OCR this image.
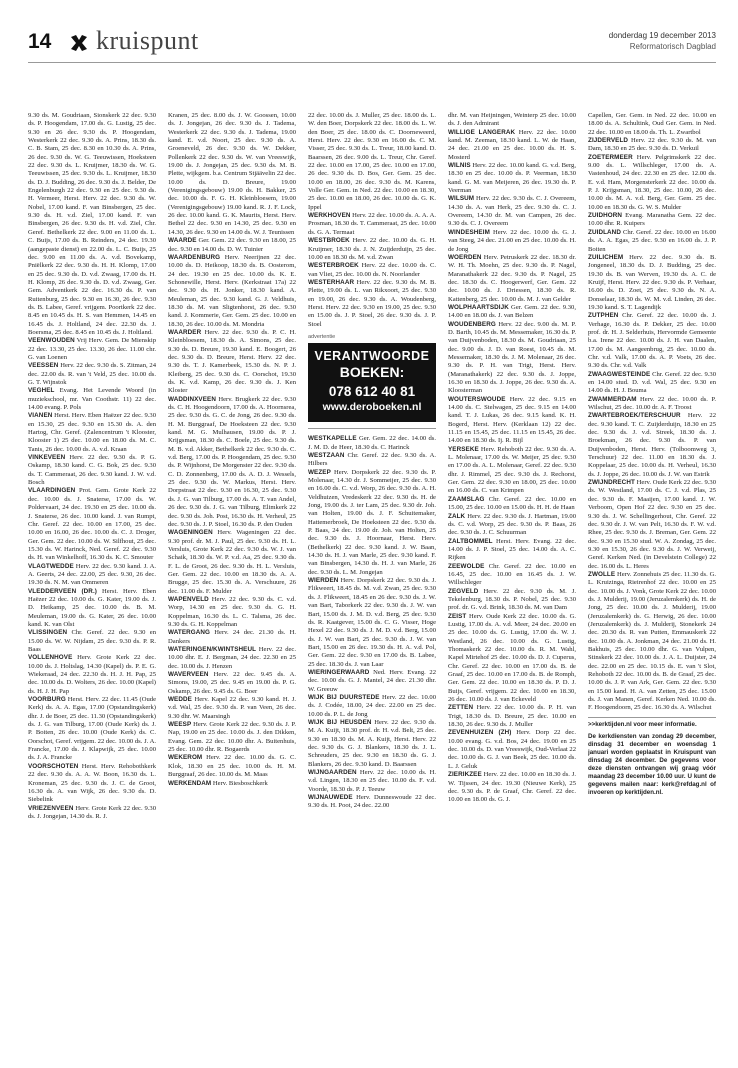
14 kruispunt	donderdag 19 december 2013
Reformatorisch Dagblad

9.30 ds. M. Goudriaan, Sionskerk 22 dec. 9.30 ds. P. Hoogendam, 17.00 ds. G. Lustig, 25 dec. 9.30 en 26 dec. 9.30 ds. P. Hoogendam, Westerkerk 22 dec. 9.30 ds. A. Prins, 18.30 ds. C. B. Stam, 25 dec. 8.30 en 10.30 ds. A. Prins, 26 dec. 9.30 ds. W. G. Teeuwissen, Hoeksteen 22 dec. 9.30 ds. L. Kruijmer, 18.30 ds. W. G. Teeuwissen, 25 dec. 9.30 ds. L. Kruijmer, 18.30 ds. D. J. Budding, 26 dec. 9.30 ds. J. Belder, De Engelenburgh 22 dec. 9.30 en 25 dec. 9.30 ds. H. Vermeer, Herst. Herv. 22 dec. 9.30 ds. W. Nobel, 17.00 kand. F. van Binsbergen, 25 dec. 9.30 ds. H. v.d. Ziel, 17.00 kand. F. van Binsbergen, 26 dec. 9.30 ds. H. v.d. Ziel, Chr. Geref. Bethelkerk 22 dec. 9.00 en 11.00 ds. L. C. Buijs, 17.00 ds. B. Reinders, 24 dec. 19.30 (aangepaste dienst) en 22.00 ds. L. C. Buijs, 25 dec. 9.00 en 11.00 ds. A. v.d. Bovekamp, Pniëlkerk 22 dec. 9.30 ds. H. H. Klomp, 17.00 en 25 dec. 9.30 ds. D. v.d. Zwaag, 17.00 ds. H. H. Klomp, 26 dec. 9.30 ds. D. v.d. Zwaag, Ger. Gem. Adventkerk 22 dec. 16.30 ds. P. van Ruitenburg, 25 dec. 9.30 en 16.30, 26 dec. 9.30 ds. B. Labee, Geref. vrijgem. Poortkerk 22 dec. 8.45 en 10.45 ds. H. S. van Hemmen, 14.45 en 16.45 ds. J. Holtland, 24 dec. 22.30 ds. J. Boersma, 25 dec. 8.45 en 10.45 ds. J. Holtland.

VEENWOUDEN Vrij Herv. Gem. De Mienskip 22 dec. 13.30, 25 dec. 13.30, 26 dec. 11.00 chr. G. van Loenen

VEESSEN Herv. 22 dec. 9.30 ds. S. Zitman, 24 dec. 22.00 ds. R. van 't Veld, 25 dec. 10.00 ds. G. T. Wijnstok

VEGHEL Evang. Het Levende Woord (in muziekschool, mr. Van Coothstr. 11) 22 dec. 14.00 evang. P. Pols

VIANEN Herst. Herv. Eben Haëzer 22 dec. 9.30 en 15.30, 25 dec. 9.30 en 15.30 ds. A. den Hartog, Chr. Geref. (Zalencentrum 't Klooster, Klooster 1) 25 dec. 10.00 en 18.00 ds. M. C. Tanis, 26 dec. 10.00 ds. A. v.d. Kraan

VINKEVEEN Herv. 22 dec. 9.30 ds. P. G. Oskamp, 18.30 kand. C. G. Bok, 25 dec. 9.30 ds. T. Cammeraat, 26 dec. 9.30 kand. J. W. v.d. Bosch

VLAARDINGEN Prot. Gem. Grote Kerk 22 dec. 10.00 ds. J. Snaterse, 17.00 ds. W. Poldervaart, 24 dec. 19.30 en 25 dec. 10.00 ds. J. Snaterse, 26 dec. 10.00 kand. J. van Rumpt, Chr. Geref. 22 dec. 10.00 en 17.00, 25 dec. 10.00 en 16.00, 26 dec. 10.00 ds. C. J. Droger, Ger. Gem. 22 dec. 10.00 ds. W. Silfhout, 25 dec. 15.30 ds. W. Harinck, Ned. Geref. 22 dec. 9.30 ds. H. van Winkelhoff, 16.30 ds. K. C. Smouter

VLAGTWEDDE Herv. 22 dec. 9.30 kand. J. A. A. Geerts, 24 dec. 22.00, 25 dec. 9.30, 26 dec. 19.30 ds. N. M. van Ommeren

VLEDDERVEEN (DR.) Herst. Herv. Eben Haëzer 22 dec. 10.00 ds. G. Kater, 19.00 ds. J. D. Heikamp, 25 dec. 10.00 ds. B. M. Meuleman, 19.00 ds. G. Kater, 26 dec. 10.00 kand. K. van Olst

VLISSINGEN Chr. Geref. 22 dec. 9.30 en 15.00 ds. W. W. Nijdam, 25 dec. 9.30 ds. P. R. Baas

VOLLENHOVE Herv. Grote Kerk 22 dec. 10.00 ds. J. Holtslag, 14.30 (Kapel) ds. P. E. G. Wiekeraad, 24 dec. 22.30 ds. H. J. H. Pap, 25 dec. 10.00 ds. D. Wolters, 26 dec. 10.00 (Kapel) ds. H. J. H. Pap

VOORBURG Herst. Herv. 22 dec. 11.45 (Oude Kerk) ds. A. A. Egas, 17.00 (Opstandingskerk) dhr. J. de Boer, 25 dec. 11.30 (Opstandingskerk) ds. J. G. van Tilburg, 17.00 (Oude Kerk) ds. J. P. Boiten, 26 dec. 10.00 (Oude Kerk) ds. C. Oorschot, Geref. vrijgem. 22 dec. 10.00 ds. J. A. Francke, 17.00 ds. J. Klapwijk, 25 dec. 10.00 ds. J. A. Francke

VOORSCHOTEN Herst. Herv. Rehobothkerk 22 dec. 9.30 ds. A. A. W. Boon, 16.30 ds. L. Kroneman, 25 dec. 9.30 ds. J. C. de Groot, 16.30 ds. A. van Wijk, 26 dec. 9.30 ds. D. Siebelink

VRIEZENVEEN Herv. Grote Kerk 22 dec. 9.30 ds. J. Jongejan, 14.30 ds. R. J.

Kranen, 25 dec. 8.00 ds. J. W. Goossen, 10.00 ds. J. Jongejan, 26 dec. 9.30 ds. J. Tadema, Westerkerk 22 dec. 9.30 ds. J. Tadema, 19.00 kand. E. v.d. Noort, 25 dec. 9.30 ds. A. Groeneveld, 26 dec. 9.30 ds. W. Dekker, Pollenkerk 22 dec. 9.30 ds. W. van Vreeswijk, 19.00 ds. J. Jongejan, 25 dec. 9.30 ds. M. B. Plette, wijkgem. b.a. Centrum Stjäävelin 22 dec. 10.00 ds. D. Breure, 19.00 (Verenigingsgebouw) 19.00 ds. H. Bakker, 25 dec. 10.00 ds. F. G. H. Kleinbloesem, 19.00 (Verenigingsgebouw) 19.00 kand. R. J. F. Lock, 26 dec. 10.00 kand. G. K. Maurits, Herst. Herv. Bethel 22 dec. 9.30 en 14.30, 25 dec. 9.30 en 14.30, 26 dec. 9.30 en 14.00 ds. W. J. Teunissen

WAARDE Ger. Gem. 22 dec. 9.30 en 18.00, 25 dec. 9.30 en 14.00 ds. D. W. Tuinier

WAARDENBURG Herv. Neerijnen 22 dec. 10.00 ds. D. Heikoop, 18.30 ds. B. Oosterom, 24 dec. 19.30 en 25 dec. 10.00 ds. K. E. Schonewille, Herst. Herv. (Kerkstraat 17a) 22 dec. 9.30 ds. H. Jonker, 18.30 kand. A. Meuleman, 25 dec. 9.30 kand. G. J. Veldhuis, 18.30 ds. M. van Sligtenhorst, 26 dec. 9.30 kand. J. Kommerie, Ger. Gem. 25 dec. 10.00 en 18.30, 26 dec. 10.00 ds. M. Mondria

WAARDER Herv. 22 dec. 9.30 ds. P. C. H. Kleinbloesem, 18.30 ds. A. Simons, 25 dec. 9.30 ds. D. Breure, 19.30 kand. E. Boogert, 26 dec. 9.30 ds. D. Breure, Herst. Herv. 22 dec. 9.30 ds. T. J. Kamerbeek, 15.30 ds. N. P. J. Kleiberg, 25 dec. 9.30 ds. C. Oorschot, 19.30 ds. K. v.d. Kamp, 26 dec. 9.30 ds. J. Ken Kloster

WADDINXVEEN Herv. Brugkerk 22 dec. 9.30 ds. C. H. Hoogendoorn, 17.00 ds. A. Hoornsrea, 25 dec. 9.30 ds. G. C. de Jong, 26 dec. 9.30 ds. H. M. Burggraaf, De Hoeksteen 22 dec. 9.30 kand. M. G. Mulhausen, 19.00 ds. P. J. Krijgsman, 18.30 ds. C. Boele, 25 dec. 9.30 ds. M. B. v.d. Akker, Bethelkerk 22 dec. 9.30 ds. C. v.d. Berg, 17.00 ds. P. Hoogendam, 25 dec. 9.30 ds. P. Wijnhorst, De Morgenster 22 dec. 9.30 ds. C. D. Zonnenberg, 17.00 ds. A. D. J. Wessels, 25 dec. 9.30 ds. W. Markus, Herst. Herv. Dorpstraat 22 dec. 9.30 en 16.30, 25 dec. 9.30 ds. J. G. van Tilburg, 17.00 ds. A. T. van Andel, 26 dec. 9.30 ds. J. G. van Tilburg, Elimkerk 22 dec. 9.30 ds. Joh. Post, 16.30 ds. H. Verheul, 25 dec. 9.30 ds. J. P. Stoel, 16.30 ds. P. den Ouden

WAGENINGEN Herv. Wageningen 22 dec. 9.30 prof. dr. M. J. Paul, 25 dec. 9.30 ds. H. L. Versluis, Grote Kerk 22 dec. 9.30 ds. W. J. van Schaik, 18.30 ds. W. P. v.d. Aa, 25 dec. 9.30 ds. F. L. de Groot, 26 dec. 9.30 ds. H. L. Versluis, Ger. Gem. 22 dec. 10.00 en 18.30 ds. A. A. Brugge, 25 dec. 15.30 ds. A. Verschuure, 26 dec. 11.00 ds. F. Mulder

WAPENVELD Herv. 22 dec. 9.30 ds. C. v.d. Worp, 14.30 en 25 dec. 9.30 ds. G. H. Koppelman, 16.30 ds. L. C. Talsma, 26 dec. 9.30 ds. G. H. Koppelman

WATERGANG Herv. 24 dec. 21.30 ds. H. Dankers

WATERINGEN/KWINTSHEUL Herv. 22 dec. 10.00 dhr. E. J. Bergman, 24 dec. 22.30 en 25 dec. 10.00 ds. J. Henzen

WAVERVEEN Herv. 22 dec. 9.45 ds. A. Simons, 19.00, 25 dec. 9.45 en 19.00 ds. P. G. Oskamp, 26 dec. 9.45 ds. G. Boer

WEDDE Herv. Kapel 22 dec. 9.30 kand. H. J. v.d. Wal, 25 dec. 9.30 ds. P. van Veen, 26 dec. 9.30 dhr. W. Maarsingh

WEESP Herv. Grote Kerk 22 dec. 9.30 ds. J. P. Nap, 19.00 en 25 dec. 10.00 ds. J. den Dikken, Evang. Gem. 22 dec. 10.00 dhr. A. Buitenhuis, 25 dec. 10.00 dhr. R. Bogaerds

WEKEROM Herv. 22 dec. 10.00 ds. G. C. Klok, 18.30 en 25 dec. 10.00 ds. H. M. Burggraaf, 26 dec. 10.00 ds. M. Maas

WERKENDAM Herv. Biesboschkerk

22 dec. 10.00 ds. J. Muller, 25 dec. 18.00 ds. L. W. den Boer, Dorpskerk 22 dec. 18.00 ds. L. W. den Boer, 25 dec. 18.00 ds. C. Doorneweerd, Herst. Herv. 22 dec. 9.30 en 16.00 ds. C. M. Visser, 25 dec. 9.30 ds. L. Treur, 18.00 kand. D. Baarssen, 26 dec. 9.00 ds. L. Treur, Chr. Geref. 22 dec. 10.00 en 17.00, 25 dec. 10.00 en 17.00, 26 dec. 9.30 ds. D. Bos, Ger. Gem. 25 dec. 10.00 en 18.00, 26 dec. 9.30 ds. M. Karens, Volle Ger. Gem. in Ned. 22 dec. 10.00 en 18.30, 25 dec. 10.00 en 18.00, 26 dec. 10.00 ds. G. K. Ippel

WERKHOVEN Herv. 22 dec. 10.00 ds. A. A. A. Prosman, 18.30 ds. T. Cammeraat, 25 dec. 10.00 ds. G. A. Termaat

WESTBROEK Herv. 22 dec. 10.00 ds. G. H. Kruijmer, 18.30 ds. J. N. Zuijderduijn, 25 dec. 10.00 en 18.30 ds. M. v.d. Zwan

WESTERBROEK Herv. 22 dec. 10.00 ds. C. van Vliet, 25 dec. 10.00 ds. N. Noorlander

WESTERHAAR Herv. 22 dec. 9.30 ds. M. B. Plette, 19.00 ds. L. van Rikxoort, 25 dec. 9.30 en 19.00, 26 dec. 9.30 ds. A. Woudenberg, Herst. Herv. 22 dec. 9.30 en 19.00, 25 dec. 9.30 en 15.00 ds. J. P. Stoel, 26 dec. 9.30 ds. J. P. Stoel

advertentie
VERANTWOORDE
BOEKEN:
078 612 40 81
www.deroboeken.nl

WESTKAPELLE Ger. Gem. 22 dec. 14.00 ds. J. M. D. de Heer, 18.30 ds. C. Harinck

WESTZAAN Chr. Geref. 22 dec. 9.30 ds. A. Hilbers

WEZEP Herv. Dorpskerk 22 dec. 9.30 ds. P. Molenaar, 14.30 dr. J. Sommeijer, 25 dec. 9.30 en 16.00 ds. C. v.d. Worp, 26 dec. 9.30 ds. A. H. Veldhuizen, Vredeskerk 22 dec. 9.30 ds. H. de Jong, 19.00 ds. J. ter Lam, 25 dec. 9.30 dr. Joh. van Holten, 19.00 ds. J. F. Schuitemaker, Hattemerbroek, De Hoeksteen 22 dec. 9.30 ds. P. Baas, 24 dec. 19.00 dr. Joh. van Holten, 25 dec. 9.30 ds. J. Hoornaar, Herst. Herv. (Bethelkerk) 22 dec. 9.30 kand. J. W. Baan, 14.30 ds. H. J. van Marle, 25 dec. 9.30 kand. F. van Binsbergen, 14.30 ds. H. J. van Marle, 26 dec. 9.30 ds. L. M. Jongejan

WIERDEN Herv. Dorpskerk 22 dec. 9.30 ds. J. Flikweert, 18.45 ds. M. v.d. Zwan, 25 dec. 9.30 ds. J. Flikweert, 18.45 en 26 dec. 9.30 ds. J. W. van Bart, Taborkerk 22 dec. 9.30 ds. J. W. van Bart, 15.00 ds. J. M. D. v.d. Berg, 25 dec. 9.30 ds. R. Kaatgever, 15.00 ds. C. G. Visser, Hoge Hexel 22 dec. 9.30 ds. J. M. D. v.d. Berg, 15.00 ds. J. W. van Bart, 25 dec. 9.30 ds. J. W. van Bart, 15.00 en 26 dec. 19.30 ds. H. A. v.d. Pol, Ger. Gem. 22 dec. 9.30 en 17.00 ds. B. Labee, 25 dec. 18.30 ds. J. van Laar

WIERINGERWAARD Ned. Herv. Evang. 22 dec. 10.00 ds. G. J. Mantel, 24 dec. 21.30 dhr. W. Greeuw

WIJK BIJ DUURSTEDE Herv. 22 dec. 10.00 ds. J. Codée, 18.00, 24 dec. 22.00 en 25 dec. 10.00 ds. P. L. de Jong

WIJK BIJ HEUSDEN Herv. 22 dec. 9.30 ds. M. A. Kuijt, 18.30 prof. dr. H. v.d. Belt, 25 dec. 9.30 en 18.30 ds. M. A. Kuijt, Herst. Herv. 22 dec. 9.30 ds. G. J. Blankers, 18.30 ds. J. L. Schreuders, 25 dec. 9.30 en 18.30 ds. G. J. Blankers, 26 dec. 9.30 kand. D. Baarssen

WIJNGAARDEN Herv. 22 dec. 10.00 ds. H. v.d. Lingen, 18.30 en 25 dec. 10.00 ds. F. v.d. Voorde, 18.30 ds. P. J. Teeuw

WIJNAUWEDE Herv. Dunneswoude 22 dec. 9.30 ds. H. Poot, 24 dec. 22.00

dhr. M. van Heijningen, Weinterp 25 dec. 10.00 ds. J. den Admirant

WILLIGE LANGERAK Herv. 22 dec. 10.00 kand. M. Zeeman, 18.30 kand. L. W. de Haan, 24 dec. 21.00 en 25 dec. 10.00 ds. H. S. Mosterd

WILNIS Herv. 22 dec. 10.00 kand. G. v.d. Berg, 18.30 en 25 dec. 10.00 ds. P. Veerman, 18.30 kand. G. M. van Meijeren, 26 dec. 19.30 ds. P. Veerman

WILSUM Herv. 22 dec. 9.30 ds. C. J. Overeem, 14.30 ds. A. van Herk, 25 dec. 9.30 ds. C. J. Overeem, 14.30 dr. M. van Campen, 26 dec. 9.30 ds. C. J. Overeem

WINDESHEIM Herv. 22 dec. 10.00 ds. G. J. van Steeg, 24 dec. 21.00 en 25 dec. 10.00 ds. H. de Jong

WOERDEN Herv. Petruskerk 22 dec. 18.30 dr. W. H. Th. Moehn, 25 dec. 9.30 ds. P. Nagel, Maranathakerk 22 dec. 9.30 ds. P. Nagel, 25 dec. 18.30 ds. C. Hoogerwerf, Ger. Gem. 22 dec. 10.00 ds. J. Driessen, 18.30 ds. R. Kattenberg, 25 dec. 10.00 ds. M. J. van Gelder

WOLPHAARTSDIJK Ger. Gem. 22 dec. 9.30, 14.00 en 18.00 ds. J. van Belzen

WOUDENBERG Herv. 22 dec. 9.00 ds. M. P. D. Barth, 10.45 ds. M. Messemaker, 16.30 ds. P. van Duijvenboden, 18.30 ds. M. Goudriaan, 25 dec. 9.00 ds. J. D. van Roest, 10.45 ds. M. Messemaker, 18.30 ds. J. M. Molenaar, 26 dec. 9.30 ds. P. H. van Trigt, Herst. Herv. (Maranathakerk) 22 dec. 9.30 ds. J. Joppe, 16.30 en 18.30 ds. J. Joppe, 26 dec. 9.30 ds. A. Kloosterman

WOUTERSWOUDE Herv. 22 dec. 9.15 en 14.00 ds. C. Stelwagen, 25 dec. 9.15 en 14.00 kand. T. J. Lukas, 26 dec. 9.15 kand. K. H. Bogerd, Herst. Herv. (Kerklaan 12) 22 dec. 11.15 en 15.45, 25 dec. 11.15 en 15.45, 26 dec. 14.00 en 18.30 ds. Ij. R. Bijl

YERSEKE Herv. Rehoboth 22 dec. 9.30 ds. A. L. Molenaar, 17.00 ds. W. Meijer, 25 dec. 9.30 en 17.00 ds. A. L. Molenaar, Geref. 22 dec. 9.30 dhr. J. Rimmel, 25 dec. 9.30 ds. J. Rechorst, Ger. Gem. 22 dec. 9.30 en 18.00, 25 dec. 10.00 en 16.00 ds. C. van Krimpen

ZAAMSLAG Chr. Geref. 22 dec. 10.00 en 15.00, 25 dec. 10.00 en 15.00 ds. H. H. de Haan

ZALK Herv. 22 dec. 9.30 ds. J. Hartman, 19.00 ds. C. v.d. Worp, 25 dec. 9.30 ds. P. Baas, 26 dec. 9.30 ds. J. C. Schuurman

ZALTBOMMEL Herst. Herv. Evang. 22 dec. 14.00 ds. J. P. Stoel, 25 dec. 14.00 ds. A. C. Rijken

ZEEWOLDE Chr. Geref. 22 dec. 10.00 en 16.45, 25 dec. 10.00 en 16.45 ds. J. W. Willschleger

ZEGVELD Herv. 22 dec. 9.30 ds. M. J. Tekelenburg, 18.30 ds. P. Nobel, 25 dec. 9.30 prof. dr. G. v.d. Brink, 18.30 ds. M. van Dam

ZEIST Herv. Oude Kerk 22 dec. 10.00 ds. G. Lustig, 17.00 ds. A. v.d. Meer, 24 dec. 20.00 en 25 dec. 10.00 ds. G. Lustig, 17.00 ds. W. J. Westland, 26 dec. 10.00 ds. G. Lustig, Thomaskerk 22 dec. 10.00 ds. R. M. Wahl, Kapel Mirtehof 25 dec. 10.00 ds. D. J. Cuperus, Chr. Geref. 22 dec. 10.00 en 17.00 ds. B. de Graaf, 25 dec. 10.00 en 17.00 ds. B. de Romph, Ger. Gem. 22 dec. 10.00 en 18.30 ds. P. D. J. Buijs, Geref. vrijgem. 22 dec. 10.00 en 18.30, 26 dec. 10.00 ds. J. van Eckeveld

ZETTEN Herv. 22 dec. 10.00 ds. P. H. van Trigt, 18.30 ds. D. Breure, 25 dec. 10.00 en 18.30, 26 dec. 9.30 ds. J. Muller

ZEVENHUIZEN (ZH) Herv. Dorp 22 dec. 10.00 evang. G. v.d. Bos, 24 dec. 19.00 en 25 dec. 10.00 ds. D. van Vreeswijk, Oud-Verlaat 22 dec. 10.00 ds. G. J. van Beek, 25 dec. 10.00 ds. L. J. Geluk

ZIERIKZEE Herv. 22 dec. 10.00 en 18.30 ds. J. W. Tijssen, 24 dec. 19.30 (Nieuwe Kerk), 25 dec. 9.30 ds. P. de Graaf, Chr. Geref. 22 dec. 10.00 en 18.00 ds. G. J.

Capellen, Ger. Gem. in Ned. 22 dec. 10.00 en 18.00 ds. A. Schultink, Oud Ger. Gem. in Ned. 22 dec. 10.00 en 18.00 ds. Th. L. Zwartbol

ZIJDERVELD Herv. 22 dec. 9.30 ds. M. van Dam, 18.30 en 25 dec. 9.30 ds. D. Verkuil

ZOETERMEER Herv. Pelgrimskerk 22 dec. 9.00 ds. L. Willschleger, 17.00 ds. A. Vastenhoud, 24 dec. 22.30 en 25 dec. 12.00 ds. E. v.d. Ham, Morgensterkerk 22 dec. 10.00 ds. P. J. Krijgsman, 18.30, 25 dec. 10.00, 26 dec. 10.00 ds. M. A. v.d. Berg, Ger. Gem. 25 dec. 10.00 en 18.30 ds. G. W. S. Mulder

ZUIDHORN Evang. Maranatha Gem. 22 dec. 10.00 dhr. R. Kuipers

ZUIDLAND Chr. Geref. 22 dec. 10.00 en 16.00 ds. A. A. Egas, 25 dec. 9.30 en 16.00 ds. J. P. Boiten

ZUILICHEM Herv. 22 dec. 9.30 ds. B. Jongeneel, 18.30 ds. D. J. Budding, 25 dec. 19.30 ds. B. van Werven, 19.30 ds. A. C. de Kruijf, Herst. Herv. 22 dec. 9.30 ds. P. Verhaar, 16.00 ds. D. Zoet, 25 dec. 9.30 ds. N. A. Donselaar, 18.30 ds. W. M. v.d. Linden, 26 dec. 19.30 kand. S. T. Lagendijk

ZUTPHEN Chr. Geref. 22 dec. 10.00 ds. J. Verhage, 16.30 ds. P. Dekker, 25 dec. 10.00 prof. dr. H. J. Selderhuis, Hervormde Gemeente b.a. Irene 22 dec. 10.00 ds. J. H. van Daalen, 17.00 ds. M. Aangeenbrug, 25 dec. 10.00 ds. Chr. v.d. Valk, 17.00 ds. A. P. Voets, 26 dec. 9.30 ds. Chr. v.d. Valk

ZWAAGWESTEINDE Chr. Geref. 22 dec. 9.30 en 14.00 stud. D. v.d. Wal, 25 dec. 9.30 en 14.00 ds. H. J. Bouma

ZWAMMERDAM Herv. 22 dec. 10.00 ds. P. Wilschut, 25 dec. 10.00 dr. A. F. Troost

ZWARTEBROEK/TERSCHUUR Herv. 22 dec. 9.30 kand. T. C. Zuijderduijn, 18.30 en 25 dec. 9.30 ds. J. v.d. Streek, 18.30 ds. J. Broekman, 26 dec. 9.30 ds. P. van Duijvenboden, Herst. Herv. (Tolboomweg 3, Terschuur) 22 dec. 11.00 en 18.30 ds. J. Koppelaar, 25 dec. 10.00 ds. H. Verheul, 16.30 ds. J. Joppe, 26 dec. 10.00 ds. J. W. van Estrik

ZWIJNDRECHT Herv. Oude Kerk 22 dec. 9.30 ds. W. Westland, 17.00 ds. C. J. v.d. Plas, 25 dec. 9.30 ds. F. Maaijen, 17.00 kand. J. W. Verboom, Open Hof 22 dec. 9.30 en 25 dec. 9.30 ds. J. W. Schellingerhout, Chr. Geref. 22 dec. 9.30 dr. J. W. van Pelt, 16.30 ds. F. W. v.d. Rhee, 25 dec. 9.30 ds. J. Breman, Ger. Gem. 22 dec. 9.30 en 15.30 stud. W. A. Zondag, 25 dec. 9.30 en 15.30, 26 dec. 9.30 ds. J. W. Verweij, Geref. Kerken Ned. (in Develstein College) 22 dec. 16.00 ds. L. Heres

ZWOLLE Herv. Zonnehuis 25 dec. 11.30 ds. G. L. Kruizinga, Rieirenhof 22 dec. 10.00 en 25 dec. 10.00 ds. J. Vonk, Grote Kerk 22 dec. 10.00 ds. J. Mulderij, 19.00 (Jeruzalemkerk) ds. H. de Jong, 25 dec. 10.00 ds. J. Mulderij, 19.00 (Jeruzalemkerk) ds. G. Herwig, 26 dec. 10.00 (Jeruzalemkerk) ds. J. Mulderij, Stonekerk 24 dec. 20.30 ds. R. van Putten, Emmauskerk 22 dec. 10.00 ds. A. Jonkman, 24 dec. 21.00 ds. H. Bakhuis, 25 dec. 10.00 dhr. G. van Vulpen, Stinskerk 22 dec. 10.00 ds. J. A. L. Duijster, 24 dec. 22.00 en 25 dec. 10.15 ds. E. van 't Slot, Rehoboth 22 dec. 10.00 ds. B. de Graaf, 25 dec. 10.00 ds. J. P. van Ark, Ger. Gem. 22 dec. 9.30 en 15.00 kand. H. A. van Zetten, 25 dec. 15.00 ds. J. van Manen, Geref. Kerken Ned. 10.00 ds. F. Hoogendoorn, 25 dec. 16.30 ds. A. Wilschut

>>kerktijden.nl voor meer informatie.
De kerkdiensten van zondag 29 december, dinsdag 31 december en woensdag 1 januari worden geplaatst in Kruispunt van dinsdag 24 december. De gegevens voor deze diensten ontvangen wij graag vóór maandag 23 december 10.00 uur. U kunt de gegevens mailen naar: kerk@refdag.nl of invoeren op kerktijden.nl.
